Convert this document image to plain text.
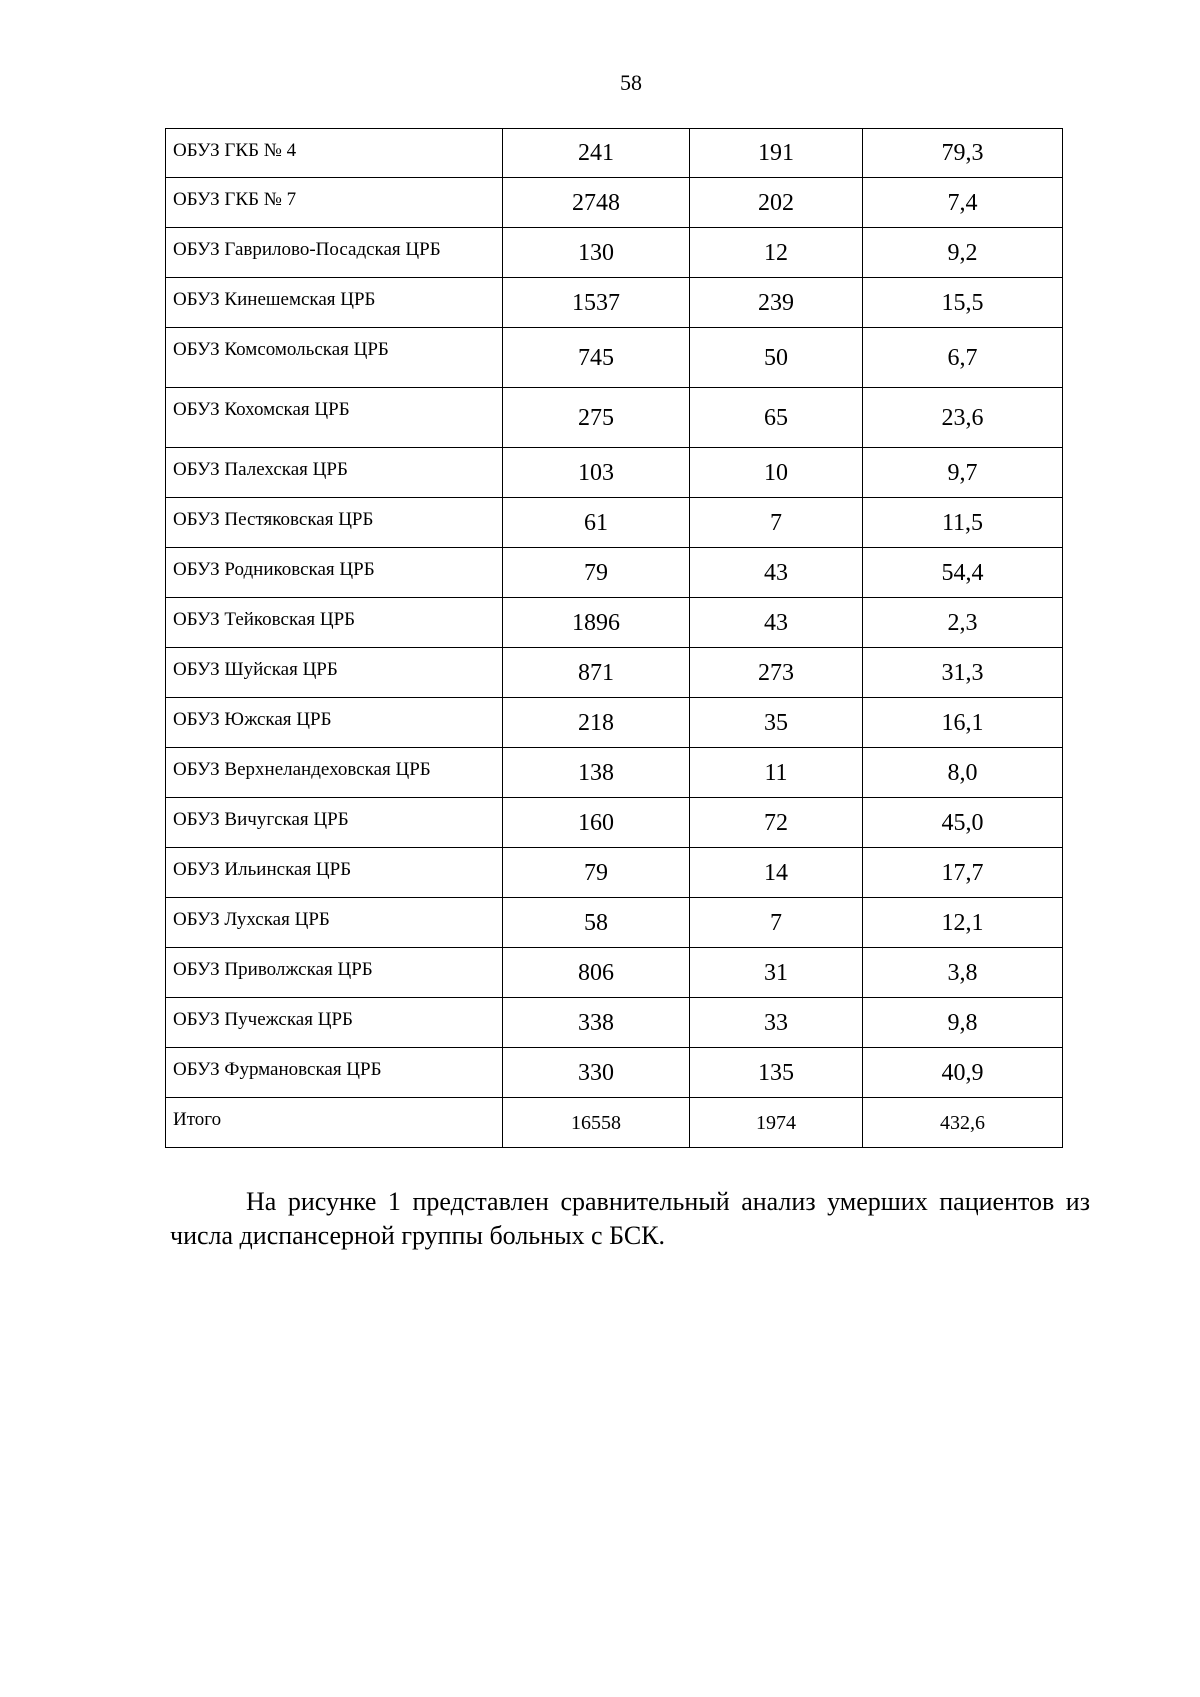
58
ОБУЗ ГКБ № 4	241	191	79,3
ОБУЗ ГКБ № 7	2748	202	7,4
ОБУЗ Гаврилово-Посадская ЦРБ	130	12	9,2
ОБУЗ Кинешемская ЦРБ	1537	239	15,5
ОБУЗ Комсомольская ЦРБ	745	50	6,7
ОБУЗ Кохомская ЦРБ	275	65	23,6
ОБУЗ Палехская ЦРБ	103	10	9,7
ОБУЗ Пестяковская ЦРБ	61	7	11,5
ОБУЗ Родниковская ЦРБ	79	43	54,4
ОБУЗ Тейковская ЦРБ	1896	43	2,3
ОБУЗ Шуйская ЦРБ	871	273	31,3
ОБУЗ Южская ЦРБ	218	35	16,1
ОБУЗ Верхнеландеховская ЦРБ	138	11	8,0
ОБУЗ Вичугская ЦРБ	160	72	45,0
ОБУЗ Ильинская ЦРБ	79	14	17,7
ОБУЗ Лухская ЦРБ	58	7	12,1
ОБУЗ Приволжская ЦРБ	806	31	3,8
ОБУЗ Пучежская ЦРБ	338	33	9,8
ОБУЗ Фурмановская ЦРБ	330	135	40,9
Итого	16558	1974	432,6

На рисунке 1 представлен сравнительный анализ умерших пациентов из числа диспансерной группы больных с БСК.
